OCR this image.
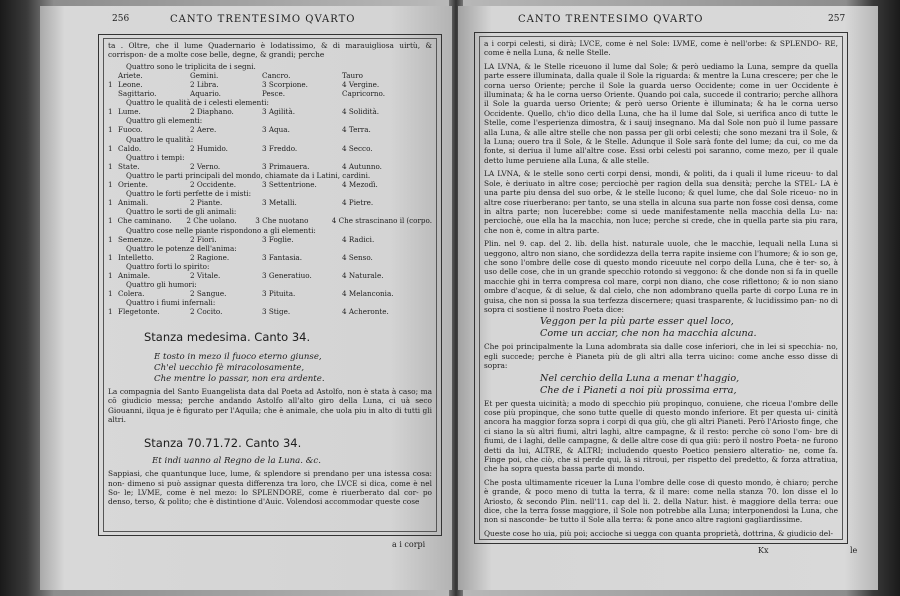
256	CANTO TRENTESIMO QVARTO
ta . Oltre, che il lume Quadernario è lodatissimo, & di marauigliosa uirtù, & corrispon- de a molte cose belle, degne, & grandi; perche
Quattro sono le triplicita de i segni.
Ariete.	Gemini.	Cancro.	Tauro
1 Leone.	2 Libra.	3 Scorpione.	4 Vergine.
Sagittario.	Aquario.	Pesce.	Capricorno.
Quattro le qualità de i celesti elementi:
1 Lume.	2 Diaphano.	3 Agilità.	4 Solidità.
Quattro gli elementi:
1 Fuoco.	2 Aere.	3 Aqua.	4 Terra.
Quattro le qualità:
1 Caldo.	2 Humido.	3 Freddo.	4 Secco.
Quattro i tempi:
1 State.	2 Verno.	3 Primauera.	4 Autunno.
Quattro le parti principali del mondo, chiamate da i Latini, cardini.
1 Oriente.	2 Occidente.	3 Settentrione.	4 Mezodì.
Quattro le forti perfette de i misti:
1 Animali.	2 Piante.	3 Metalli.	4 Pietre.
Quattro le sorti de gli animali:
1 Che caminano.	2 Che uolano.	3 Che nuotano	4 Che strascinano il (corpo.
Quattro cose nelle piante rispondono a gli elementi:
1 Semenze.	2 Fiori.	3 Foglie.	4 Radici.
Quattro le potenze dell'anima:
1 Intelletto.	2 Ragione.	3 Fantasia.	4 Senso.
Quattro forti lo spirito:
1 Animale.	2 Vitale.	3 Generatiuo.	4 Naturale.
Quattro gli humori:
1 Colera.	2 Sangue.	3 Pituita.	4 Melanconia.
Quattro i fiumi infernali:
1 Flegetonte.	2 Cocito.	3 Stige.	4 Acheronte.
Stanza medesima. Canto 34.
E tosto in mezo il fuoco eterno giunse,
Ch'el uecchio fè miracolosamente,
Che mentre lo passar, non era ardente.
La compagnia del Santo Euangelista data dal Poeta ad Astolfo, non è stata à caso; ma cō giudicio messa; perche andando Astolfo all'alto giro della Luna, ci uà seco Giouanni, ilqua je è figurato per l'Aquila; che è animale, che uola piu in alto di tutti gli altri.
Stanza 70.71.72. Canto 34.
Et indi uanno al Regno de la Luna. &c.
Sappiasi, che quantunque luce, lume, & splendore si prendano per una istessa cosa: non- dimeno si può assignar questa differenza tra loro, che LVCE si dica, come è nel So- le; LVME, come è nel mezo: lo SPLENDORE, come è riuerberato dal cor- po denso, terso, & polito; che è distintione d'Auic. Volendosi accommodar queste cose
a i corpi
CANTO TRENTESIMO QVARTO	257
a i corpi celesti, si dirà; LVCE, come è nel Sole: LVME, come è nell'orbe: & SPLENDO- RE, come è nella Luna, & nelle Stelle.
LA LVNA, & le Stelle riceuono il lume dal Sole; & però uediamo la Luna, sempre da quella parte essere illuminata, dalla quale il Sole la riguarda: & mentre la Luna crescere; per che le corna uerso Oriente; perche il Sole la guarda uerso Occidente; come in uer Occidente è illuminata; & ha le corna uerso Oriente. Quando poi cala, succede il contrario; perche allhora il Sole la guarda uerso Oriente; & però uerso Oriente è illuminata; & ha le corna uerso Occidente. Quello, ch'io dico della Luna, che ha il lume dal Sole, si uerifica anco di tutte le Stelle, come l'esperienza dimostra, & i sauij insegnano. Ma dal Sole non può il lume passare alla Luna, & alle altre stelle che non passa per gli orbi celesti; che sono mezani tra il Sole, & la Luna; ouero tra il Sole, & le Stelle. Adunque il Sole sarà fonte del lume; da cui, co me da fonte, si deriua il lume all'altre cose. Essi orbi celesti poi saranno, come mezo, per il quale detto lume peruiene alla Luna, & alle stelle.
LA LVNA, & le stelle sono certi corpi densi, mondi, & politi, da i quali il lume riceuu- to dal Sole, è deriuato in altre cose; perciochè per ragion della sua densità; perche la STEL- LA è una parte piu densa del suo orbe, & le stelle lucono; & quel lume, che dal Sole riceuo- no in altre cose riuerberano: per tanto, se una stella in alcuna sua parte non fosse così densa, come in altra parte; non lucerebbe: come si uede manifestamente nella macchia della Lu- na: perciochè, oue ella ha la macchia, non luce; perche si crede, che in quella parte sia piu rara, che non è, come in altra parte.
Plin. nel 9. cap. del 2. lib. della hist. naturale uuole, che le macchie, lequali nella Luna si ueggono, altro non siano, che sordidezza della terra rapite insieme con l'humore; & io son ge, che sono l'ombre delle cose di questo mondo riceuute nel corpo della Luna, che è ter- so, à uso delle cose, che in un grande specchio rotondo si veggono: & che donde non si fa in quelle macchie ghi in terra compresa col mare, corpi non diano, che cose riflettono; & io non siano ombre d'acque, & di selue, & dal cielo, che non adombrano quella parte di corpo Luna re in guisa, che non si possa la sua terfezza discernere; quasi trasparente, & lucidissimo pan- no di sopra ci sostiene il nostro Poeta dice:
Veggon per la più parte esser quel loco,
Come un acciar, che non ha macchia alcuna.
Che poi principalmente la Luna adombrata sia dalle cose inferiori, che in lei si specchia- no, egli succede; perche è Pianeta più de gli altri alla terra uicino: come anche esso disse di sopra:
Nel cerchio della Luna a menar t'haggio,
Che de i Pianeti a noi più prossima erra,
Et per questa uicinità; a modo di specchio più propinquo, conuiene, che riceua l'ombre delle cose più propinque, che sono tutte quelle di questo mondo inferiore. Et per questa ui- cinità ancora ha maggior forza sopra i corpi di qua giù, che gli altri Pianeti. Però l'Ariosto finge, che ci siano la sù altri fiumi, altri laghi, altre campagne, & il resto: perche cò sono l'om- bre di fiumi, de i laghi, delle campagne, & delle altre cose di qua giù: però il nostro Poeta- ne furono detti da lui, ALTRE, & ALTRI; includendo questo Poetico pensiero alteratio- ne, come fa. Finge poi, che ciò, che si perde qui, là si ritroui, per rispetto del predetto, & forza attratiua, che ha sopra questa bassa parte di mondo.
Che posta ultimamente riceuer la Luna l'ombre delle cose di questo mondo, è chiaro; perche è grande, & poco meno di tutta la terra, & il mare: come nella stanza 70. lon disse el lo Ariosto, & secondo Plin. nell'11. cap del li. 2. della Natur. hist. è maggiore della terra: oue dice, che la terra fosse maggiore, il Sole non potrebbe alla Luna; interponendosi la Luna, che non si nasconde- be tutto il Sole alla terra: & pone anco altre ragioni gagliardissime.
Queste cose ho uia, più poi; accioche si uegga con quanta proprietà, dottrina, & giudicio del-
Kx	le
